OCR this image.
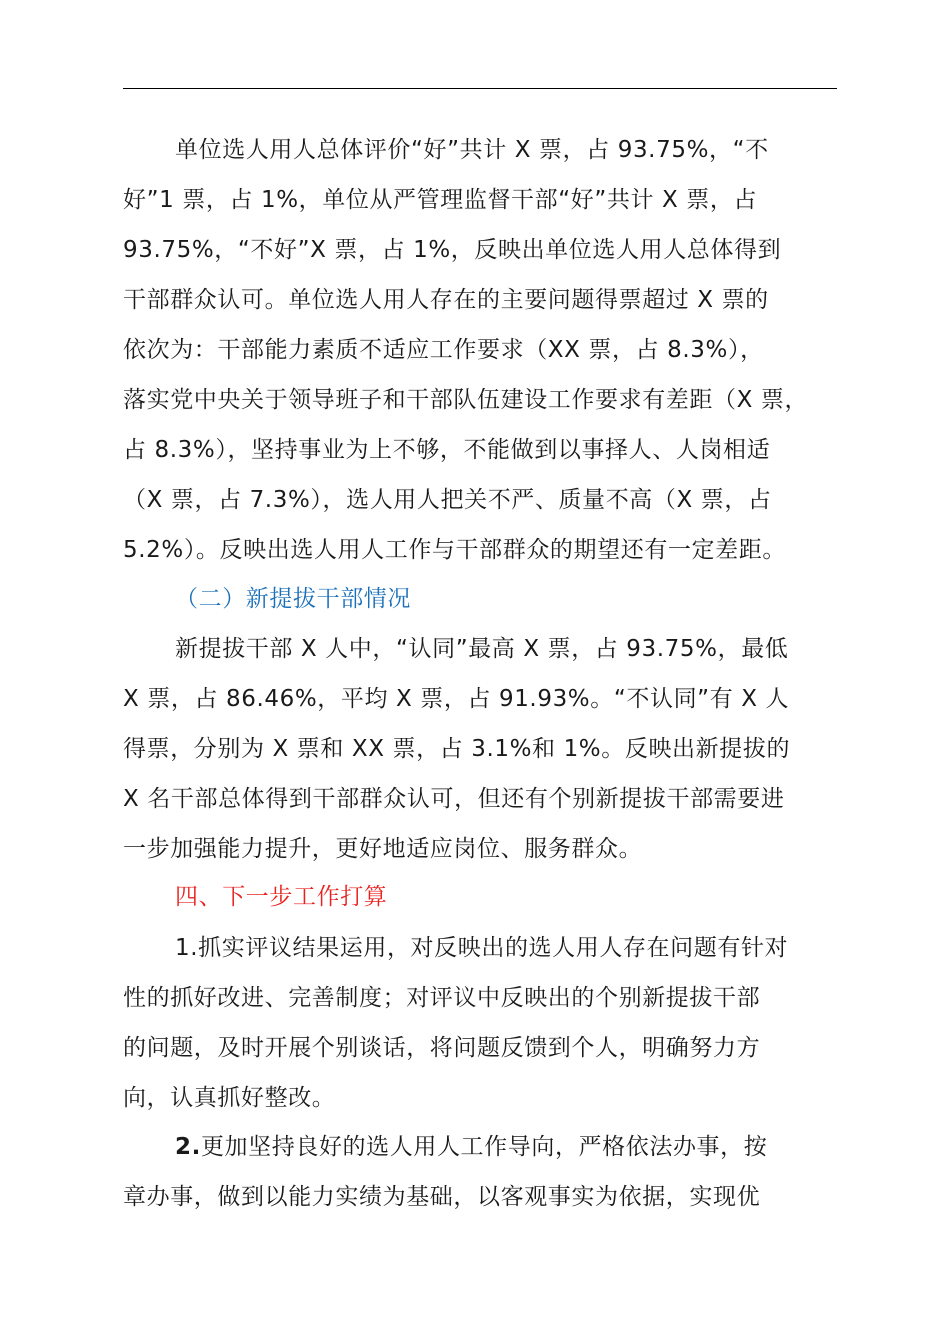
单位选人用人总体评价“好”共计 X 票，占 93.75%，“不
好”1 票，占 1%，单位从严管理监督干部“好”共计 X 票，占
93.75%，“不好”X 票，占 1%，反映出单位选人用人总体得到
干部群众认可。单位选人用人存在的主要问题得票超过 X 票的
依次为：干部能力素质不适应工作要求（XX 票，占 8.3%），
落实党中央关于领导班子和干部队伍建设工作要求有差距（X 票，
占 8.3%），坚持事业为上不够，不能做到以事择人、人岗相适
（X 票，占 7.3%），选人用人把关不严、质量不高（X 票，占
5.2%）。反映出选人用人工作与干部群众的期望还有一定差距。
（二）新提拔干部情况
新提拔干部 X 人中，“认同”最高 X 票，占 93.75%，最低
X 票，占 86.46%，平均 X 票，占 91.93%。“不认同”有 X 人
得票，分别为 X 票和 XX 票，占 3.1%和 1%。反映出新提拔的
X 名干部总体得到干部群众认可，但还有个别新提拔干部需要进
一步加强能力提升，更好地适应岗位、服务群众。
四、下一步工作打算
1.抓实评议结果运用，对反映出的选人用人存在问题有针对
性的抓好改进、完善制度；对评议中反映出的个别新提拔干部
的问题，及时开展个别谈话，将问题反馈到个人，明确努力方
向，认真抓好整改。
2.更加坚持良好的选人用人工作导向，严格依法办事，按
章办事，做到以能力实绩为基础，以客观事实为依据，实现优
